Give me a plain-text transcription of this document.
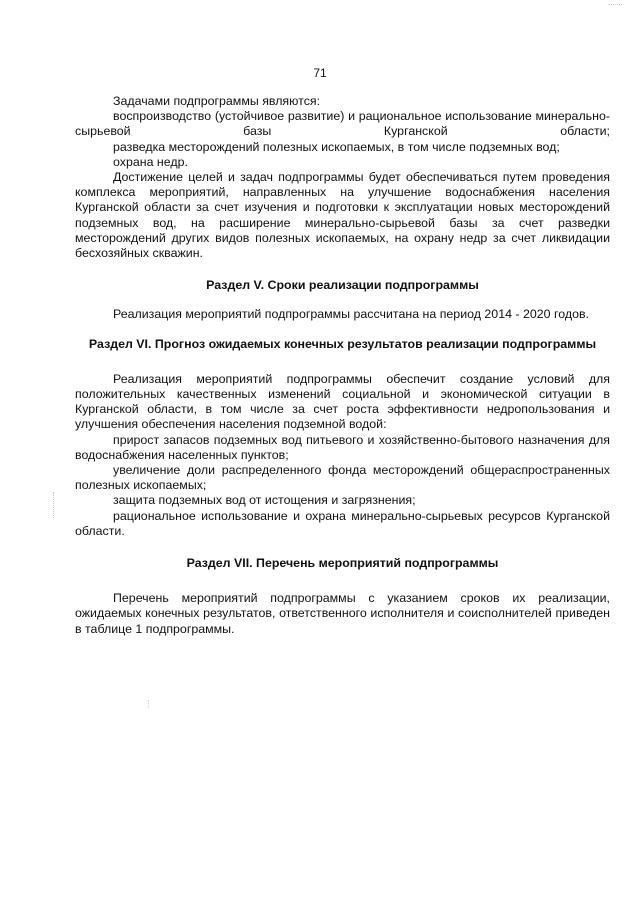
71

Задачами подпрограммы являются:

воспроизводство (устойчивое развитие) и рациональное использование минерально-сырьевой базы Курганской области;

разведка месторождений полезных ископаемых, в том числе подземных вод;

охрана недр.

Достижение целей и задач подпрограммы будет обеспечиваться путем проведения комплекса мероприятий, направленных на улучшение водоснабжения населения Курганской области за счет изучения и подготовки к эксплуатации новых месторождений подземных вод, на расширение минерально-сырьевой базы за счет разведки месторождений других видов полезных ископаемых, на охрану недр за счет ликвидации бесхозяйных скважин.

Раздел V. Сроки реализации подпрограммы

Реализация мероприятий подпрограммы рассчитана на период 2014 - 2020 годов.

Раздел VI. Прогноз ожидаемых конечных результатов реализации подпрограммы

Реализация мероприятий подпрограммы обеспечит создание условий для положительных качественных изменений социальной и экономической ситуации в Курганской области, в том числе за счет роста эффективности недропользования и улучшения обеспечения населения подземной водой:

прирост запасов подземных вод питьевого и хозяйственно-бытового назначения для водоснабжения населенных пунктов;

увеличение доли распределенного фонда месторождений общераспространенных полезных ископаемых;

защита подземных вод от истощения и загрязнения;

рациональное использование и охрана минерально-сырьевых ресурсов Курганской области.

Раздел VII. Перечень мероприятий подпрограммы

Перечень мероприятий подпрограммы с указанием сроков их реализации, ожидаемых конечных результатов, ответственного исполнителя и соисполнителей приведен в таблице 1 подпрограммы.
